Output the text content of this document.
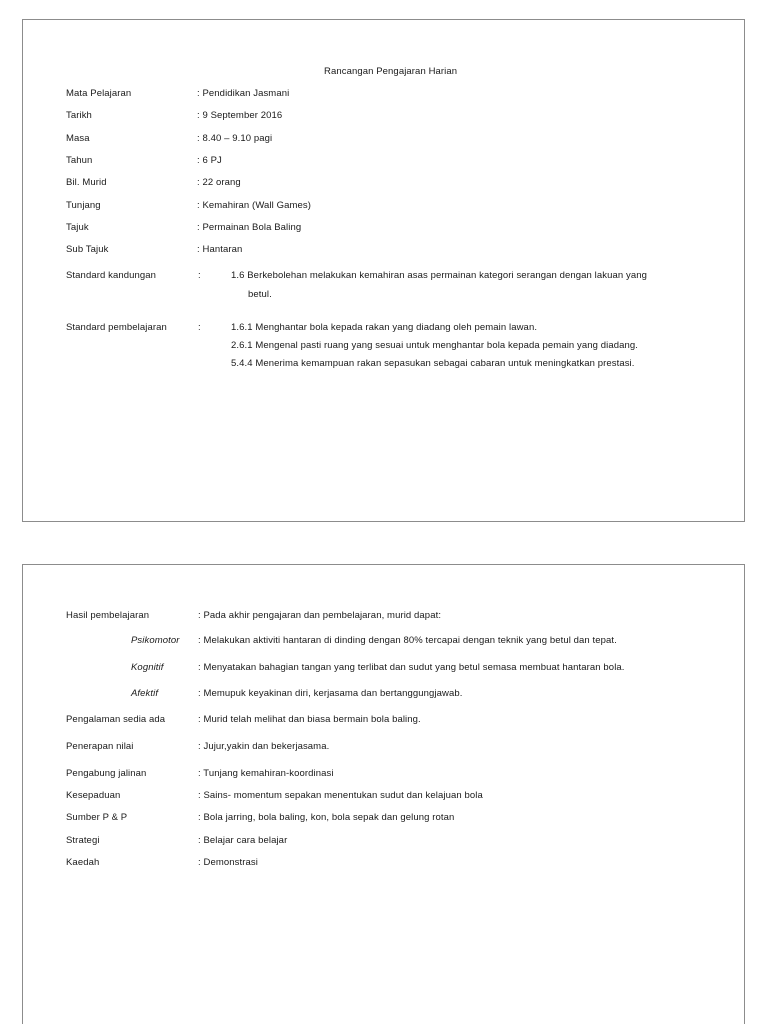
Rancangan Pengajaran Harian
Mata Pelajaran	: Pendidikan Jasmani
Tarikh	: 9 September 2016
Masa	: 8.40 – 9.10 pagi
Tahun	: 6 PJ
Bil. Murid	: 22 orang
Tunjang	: Kemahiran (Wall Games)
Tajuk	: Permainan Bola Baling
Sub Tajuk	: Hantaran
Standard kandungan	:	1.6 Berkebolehan melakukan kemahiran asas permainan kategori serangan dengan lakuan yang
betul.
Standard pembelajaran	:	1.6.1 Menghantar bola kepada rakan yang diadang oleh pemain lawan.
2.6.1 Mengenal pasti ruang yang sesuai untuk menghantar bola kepada pemain yang diadang.
5.4.4 Menerima kemampuan rakan sepasukan sebagai cabaran untuk meningkatkan prestasi.
Hasil pembelajaran	: Pada akhir pengajaran dan pembelajaran, murid dapat:
Psikomotor : Melakukan aktiviti hantaran di dinding dengan 80% tercapai dengan teknik yang betul dan tepat.
Kognitif	: Menyatakan bahagian tangan yang terlibat dan sudut yang betul semasa membuat hantaran bola.
Afektif	: Memupuk keyakinan diri, kerjasama dan bertanggungjawab.
Pengalaman sedia ada	: Murid telah melihat dan biasa bermain bola baling.
Penerapan nilai	: Jujur,yakin dan bekerjasama.
Pengabung jalinan	: Tunjang kemahiran-koordinasi
Kesepaduan	: Sains- momentum sepakan menentukan sudut dan kelajuan bola
Sumber P & P	: Bola jarring, bola baling, kon, bola sepak dan gelung rotan
Strategi	: Belajar cara belajar
Kaedah	: Demonstrasi
